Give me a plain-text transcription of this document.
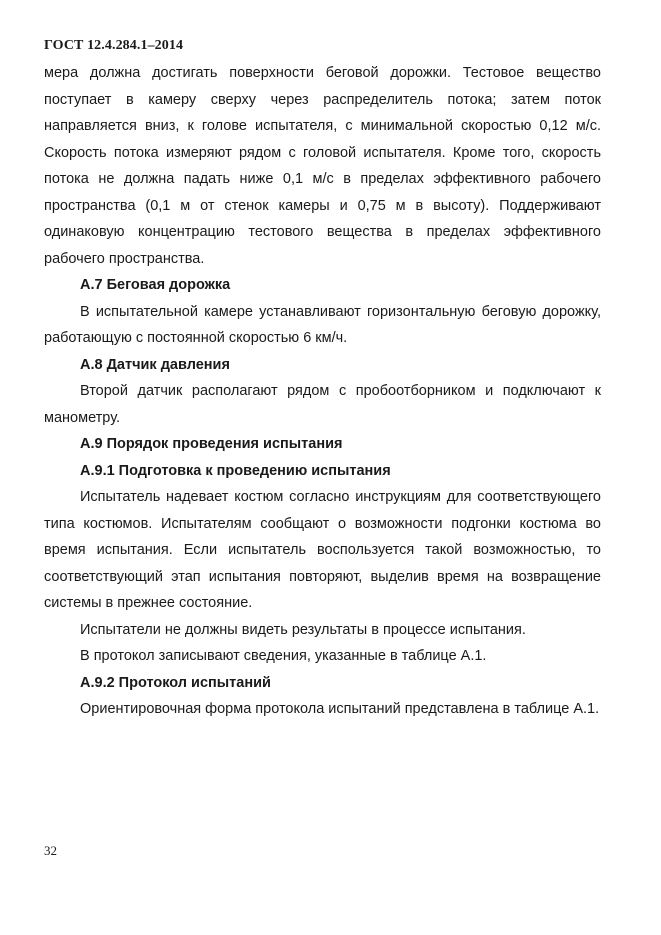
ГОСТ 12.4.284.1–2014

мера должна достигать поверхности беговой дорожки. Тестовое вещество поступает в камеру сверху через распределитель потока; затем поток направляется вниз, к голове испытателя, с минимальной скоростью 0,12 м/с. Скорость потока измеряют рядом с головой испытателя. Кроме того, скорость потока не должна падать ниже 0,1 м/с в пределах эффективного рабочего пространства (0,1 м от стенок камеры и 0,75 м в высоту). Поддерживают одинаковую концентрацию тестового вещества в пределах эффективного рабочего пространства.

А.7 Беговая дорожка

В испытательной камере устанавливают горизонтальную беговую дорожку, работающую с постоянной скоростью 6 км/ч.

А.8 Датчик давления

Второй датчик располагают рядом с пробоотборником и подключают к манометру.

А.9 Порядок проведения испытания

А.9.1 Подготовка к проведению испытания

Испытатель надевает костюм согласно инструкциям для соответствующего типа костюмов. Испытателям сообщают о возможности подгонки костюма во время испытания. Если испытатель воспользуется такой возможностью, то соответствующий этап испытания повторяют, выделив время на возвращение системы в прежнее состояние.

Испытатели не должны видеть результаты в процессе испытания.

В протокол записывают сведения, указанные в таблице А.1.

А.9.2 Протокол испытаний

Ориентировочная форма протокола испытаний представлена в таблице А.1.

32
